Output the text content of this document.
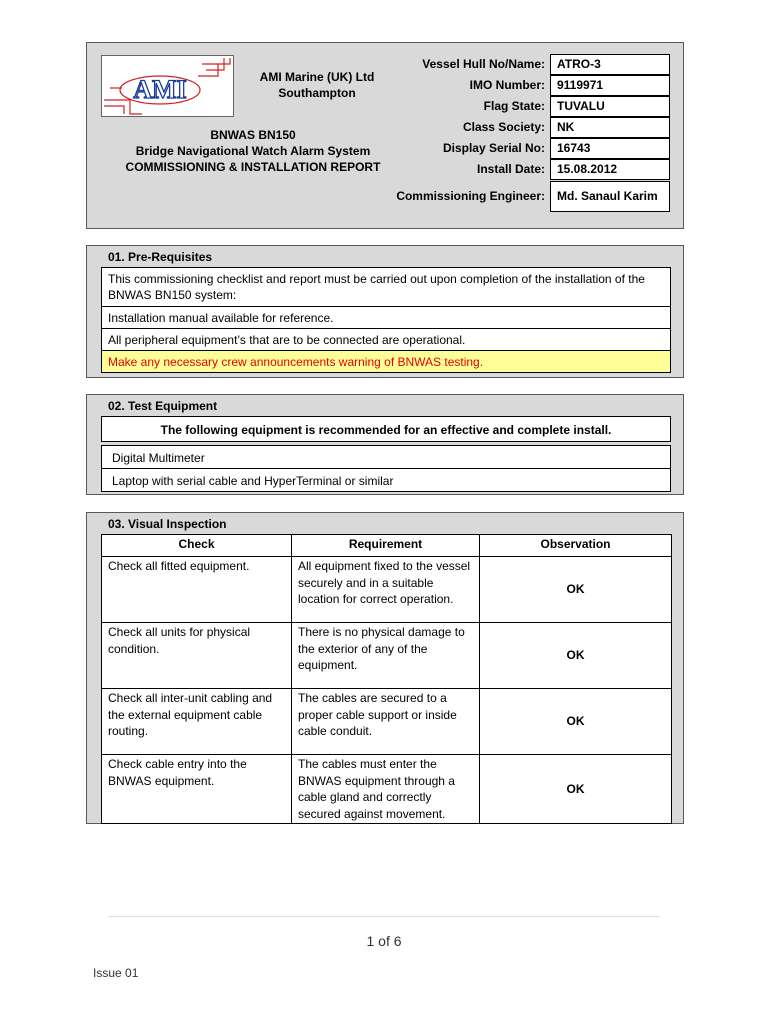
AMI	AMI Marine (UK) Ltd
Southampton
BNWAS BN150
Bridge Navigational Watch Alarm System
COMMISSIONING & INSTALLATION REPORT
Vessel Hull No/Name:	ATRO-3
IMO Number:	9119971
Flag State:	TUVALU
Class Society:	NK
Display Serial No:	16743
Install Date:	15.08.2012
Commissioning Engineer:	Md. Sanaul Karim
01. Pre-Requisites
This commissioning checklist and report must be carried out upon completion of the installation of the BNWAS BN150 system:
Installation manual available for reference.
All peripheral equipment’s that are to be connected are operational.
Make any necessary crew announcements warning of BNWAS testing.
02. Test Equipment
The following equipment is recommended for an effective and complete install.
Digital Multimeter
Laptop with serial cable and HyperTerminal or similar
03. Visual Inspection
Check	Requirement	Observation
Check all fitted equipment.	All equipment fixed to the vessel securely and in a suitable location for correct operation.	OK
Check all units for physical condition.	There is no physical damage to the exterior of any of the equipment.	OK
Check all inter-unit cabling and the external equipment cable routing.	The cables are secured to a proper cable support or inside cable conduit.	OK
Check cable entry into the BNWAS equipment.	The cables must enter the BNWAS equipment through a cable gland and correctly secured against movement.	OK
1 of 6
Issue 01
